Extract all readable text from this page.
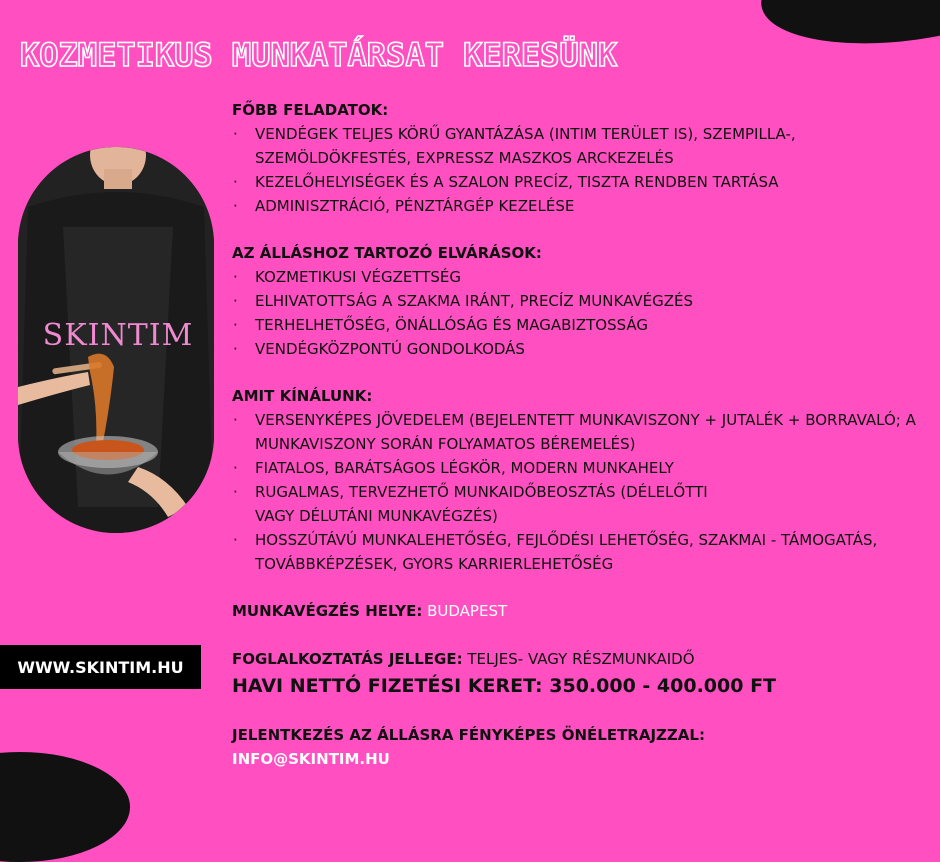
KOZMETIKUS MUNKATÁRSAT KERESÜNK
SKINTIM
WWW.SKINTIM.HU
FŐBB FELADATOK:
· VENDÉGEK TELJES KÖRŰ GYANTÁZÁSA (INTIM TERÜLET IS), SZEMPILLA-, SZEMÖLDÖKFESTÉS, EXPRESSZ MASZKOS ARCKEZELÉS
· KEZELŐHELYISÉGEK ÉS A SZALON PRECÍZ, TISZTA RENDBEN TARTÁSA
· ADMINISZTRÁCIÓ, PÉNZTÁRGÉP KEZELÉSE
AZ ÁLLÁSHOZ TARTOZÓ ELVÁRÁSOK:
· KOZMETIKUSI VÉGZETTSÉG
· ELHIVATOTTSÁG A SZAKMA IRÁNT, PRECÍZ MUNKAVÉGZÉS
· TERHELHETŐSÉG, ÖNÁLLÓSÁG ÉS MAGABIZTOSSÁG
· VENDÉGKÖZPONTÚ GONDOLKODÁS
AMIT KÍNÁLUNK:
· VERSENYKÉPES JÖVEDELEM (BEJELENTETT MUNKAVISZONY + JUTALÉK + BORRAVALÓ; A MUNKAVISZONY SORÁN FOLYAMATOS BÉREMELÉS)
· FIATALOS, BARÁTSÁGOS LÉGKÖR, MODERN MUNKAHELY
· RUGALMAS, TERVEZHETŐ MUNKAIDŐBEOSZTÁS (DÉLELŐTTI VAGY DÉLUTÁNI MUNKAVÉGZÉS)
· HOSSZÚTÁVÚ MUNKALEHETŐSÉG, FEJLŐDÉSI LEHETŐSÉG, SZAKMAI - TÁMOGATÁS, TOVÁBBKÉPZÉSEK, GYORS KARRIERLEHETŐSÉG
MUNKAVÉGZÉS HELYE: BUDAPEST
FOGLALKOZTATÁS JELLEGE: TELJES- VAGY RÉSZMUNKAIDŐ
HAVI NETTÓ FIZETÉSI KERET: 350.000 - 400.000 FT
JELENTKEZÉS AZ ÁLLÁSRA FÉNYKÉPES ÖNÉLETRAJZZAL:
INFO@SKINTIM.HU
